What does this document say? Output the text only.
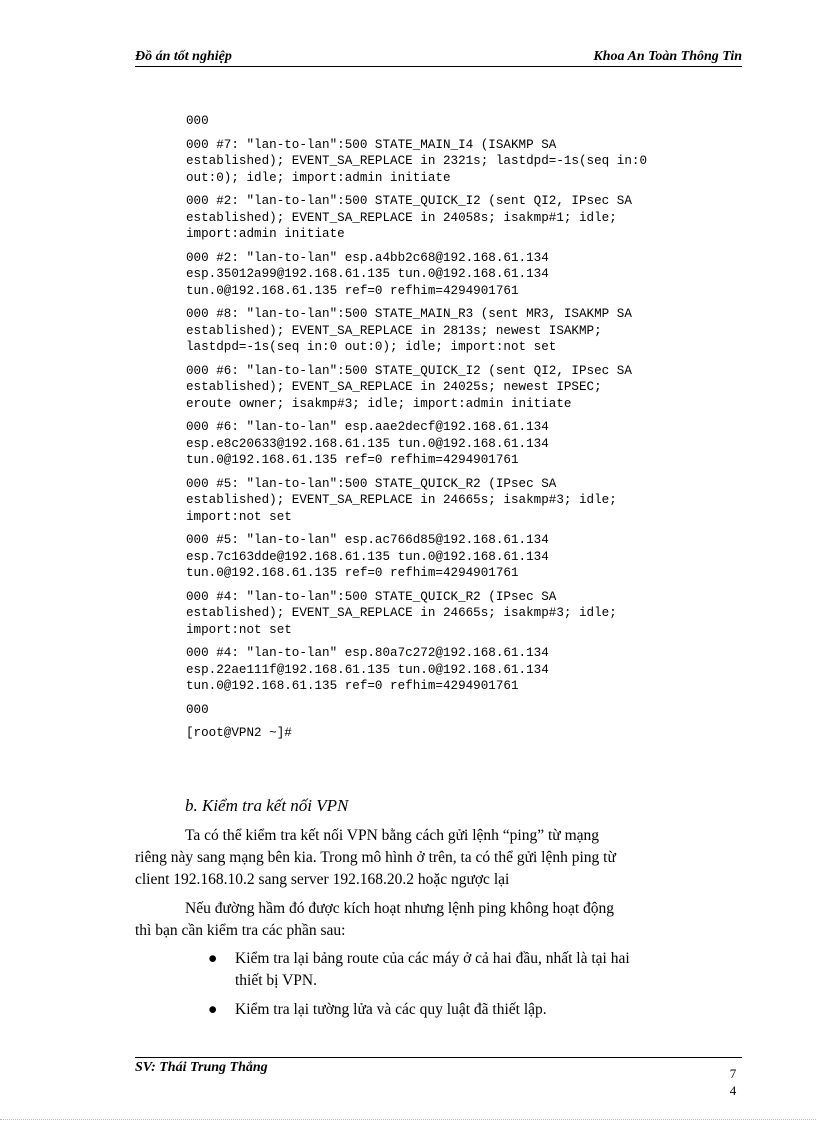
Đồ án tốt nghiệp	Khoa An Toàn Thông Tin
000
000 #7: "lan-to-lan":500 STATE_MAIN_I4 (ISAKMP SA
established); EVENT_SA_REPLACE in 2321s; lastdpd=-1s(seq in:0
out:0); idle; import:admin initiate
000 #2: "lan-to-lan":500 STATE_QUICK_I2 (sent QI2, IPsec SA
established); EVENT_SA_REPLACE in 24058s; isakmp#1; idle;
import:admin initiate
000 #2: "lan-to-lan" esp.a4bb2c68@192.168.61.134
esp.35012a99@192.168.61.135 tun.0@192.168.61.134
tun.0@192.168.61.135 ref=0 refhim=4294901761
000 #8: "lan-to-lan":500 STATE_MAIN_R3 (sent MR3, ISAKMP SA
established); EVENT_SA_REPLACE in 2813s; newest ISAKMP;
lastdpd=-1s(seq in:0 out:0); idle; import:not set
000 #6: "lan-to-lan":500 STATE_QUICK_I2 (sent QI2, IPsec SA
established); EVENT_SA_REPLACE in 24025s; newest IPSEC;
eroute owner; isakmp#3; idle; import:admin initiate
000 #6: "lan-to-lan" esp.aae2decf@192.168.61.134
esp.e8c20633@192.168.61.135 tun.0@192.168.61.134
tun.0@192.168.61.135 ref=0 refhim=4294901761
000 #5: "lan-to-lan":500 STATE_QUICK_R2 (IPsec SA
established); EVENT_SA_REPLACE in 24665s; isakmp#3; idle;
import:not set
000 #5: "lan-to-lan" esp.ac766d85@192.168.61.134
esp.7c163dde@192.168.61.135 tun.0@192.168.61.134
tun.0@192.168.61.135 ref=0 refhim=4294901761
000 #4: "lan-to-lan":500 STATE_QUICK_R2 (IPsec SA
established); EVENT_SA_REPLACE in 24665s; isakmp#3; idle;
import:not set
000 #4: "lan-to-lan" esp.80a7c272@192.168.61.134
esp.22ae111f@192.168.61.135 tun.0@192.168.61.134
tun.0@192.168.61.135 ref=0 refhim=4294901761
000
[root@VPN2 ~]#
b. Kiểm tra kết nối VPN
Ta có thể kiểm tra kết nối VPN bằng cách gửi lệnh “ping” từ mạng
riêng này sang mạng bên kia. Trong mô hình ở trên, ta có thể gửi lệnh ping từ
client 192.168.10.2 sang server 192.168.20.2 hoặc ngược lại
Nếu đường hầm đó được kích hoạt nhưng lệnh ping không hoạt động
thì bạn cần kiểm tra các phần sau:
● Kiểm tra lại bảng route của các máy ở cả hai đầu, nhất là tại hai
thiết bị VPN.
● Kiểm tra lại tường lửa và các quy luật đã thiết lập.
SV: Thái Trung Thắng	7
4
